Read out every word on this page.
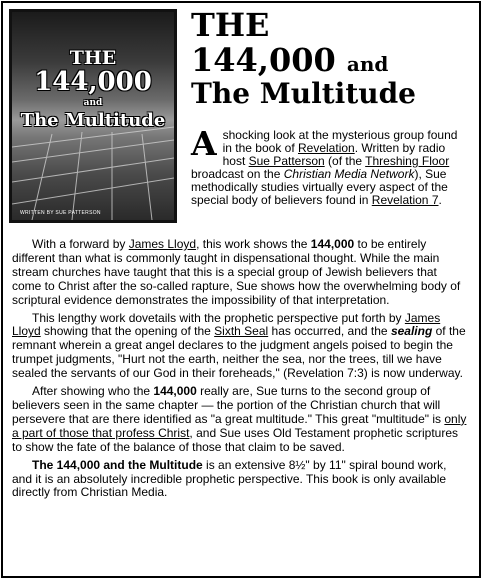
THE
144,000
and
The Multitude
WRITTEN BY SUE PATTERSON
THE
144,000 and
The Multitude
A shocking look at the mysterious group found in the book of Revelation. Written by radio host Sue Patterson (of the Threshing Floor broadcast on the Christian Media Network), Sue methodically studies virtually every aspect of the special body of believers found in Revelation 7.

With a forward by James Lloyd, this work shows the 144,000 to be entirely different than what is commonly taught in dispensational thought. While the main stream churches have taught that this is a special group of Jewish believers that come to Christ after the so-called rapture, Sue shows how the overwhelming body of scriptural evidence demonstrates the impossibility of that interpretation.

This lengthy work dovetails with the prophetic perspective put forth by James Lloyd showing that the opening of the Sixth Seal has occurred, and the sealing of the remnant wherein a great angel declares to the judgment angels poised to begin the trumpet judgments, "Hurt not the earth, neither the sea, nor the trees, till we have sealed the servants of our God in their foreheads," (Revelation 7:3) is now underway.

After showing who the 144,000 really are, Sue turns to the second group of believers seen in the same chapter — the portion of the Christian church that will persevere that are there identified as "a great multitude." This great "multitude" is only a part of those that profess Christ, and Sue uses Old Testament prophetic scriptures to show the fate of the balance of those that claim to be saved.

The 144,000 and the Multitude is an extensive 8½" by 11" spiral bound work, and it is an absolutely incredible prophetic perspective. This book is only available directly from Christian Media.
